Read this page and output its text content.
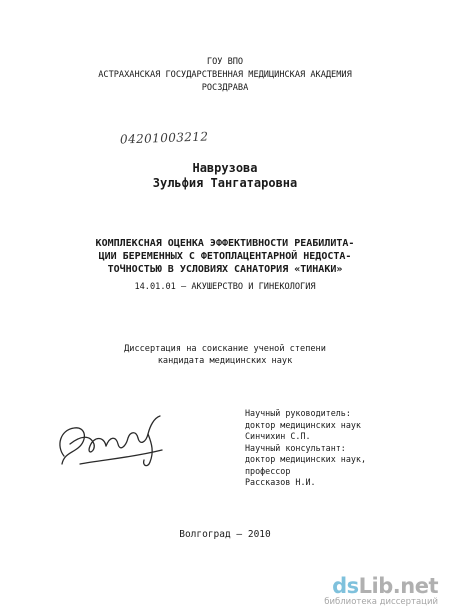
ГОУ ВПО
АСТРАХАНСКАЯ ГОСУДАРСТВЕННАЯ МЕДИЦИНСКАЯ АКАДЕМИЯ
РОСЗДРАВА
04201003212
Наврузова
Зульфия Тангатаровна
КОМПЛЕКСНАЯ ОЦЕНКА ЭФФЕКТИВНОСТИ РЕАБИЛИТА-
ЦИИ БЕРЕМЕННЫХ С ФЕТОПЛАЦЕНТАРНОЙ НЕДОСТА-
ТОЧНОСТЬЮ В УСЛОВИЯХ САНАТОРИЯ «ТИНАКИ»
14.01.01 – АКУШЕРСТВО И ГИНЕКОЛОГИЯ
Диссертация на соискание ученой степени
кандидата медицинских наук
Научный руководитель:
доктор медицинских наук
Синчихин С.П.
Научный консультант:
доктор медицинских наук,
профессор
Рассказов Н.И.
Волгоград – 2010
dsLib.net
библиотека диссертаций
